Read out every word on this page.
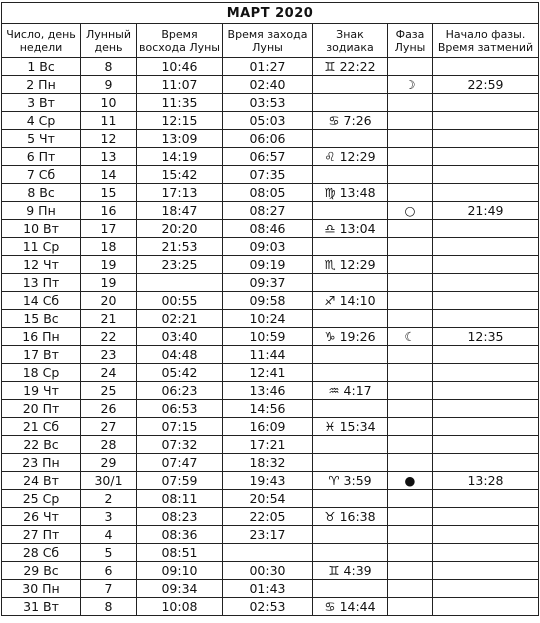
МАРТ 2020						
Число, день недели	Лунный день	Время восхода Луны	Время захода Луны	Знак зодиака	Фаза Луны	Начало фазы. Время затмений
1 Вс	8	10:46	01:27	♊ 22:22		
2 Пн	9	11:07	02:40		☽	22:59
3 Вт	10	11:35	03:53			
4 Ср	11	12:15	05:03	♋ 7:26		
5 Чт	12	13:09	06:06			
6 Пт	13	14:19	06:57	♌ 12:29		
7 Сб	14	15:42	07:35			
8 Вс	15	17:13	08:05	♍ 13:48		
9 Пн	16	18:47	08:27		○	21:49
10 Вт	17	20:20	08:46	♎ 13:04		
11 Ср	18	21:53	09:03			
12 Чт	19	23:25	09:19	♏ 12:29		
13 Пт	19		09:37			
14 Сб	20	00:55	09:58	♐ 14:10		
15 Вс	21	02:21	10:24			
16 Пн	22	03:40	10:59	♑ 19:26	☾	12:35
17 Вт	23	04:48	11:44			
18 Ср	24	05:42	12:41			
19 Чт	25	06:23	13:46	♒ 4:17		
20 Пт	26	06:53	14:56			
21 Сб	27	07:15	16:09	♓ 15:34		
22 Вс	28	07:32	17:21			
23 Пн	29	07:47	18:32			
24 Вт	30/1	07:59	19:43	♈ 3:59	●	13:28
25 Ср	2	08:11	20:54			
26 Чт	3	08:23	22:05	♉ 16:38		
27 Пт	4	08:36	23:17			
28 Сб	5	08:51				
29 Вс	6	09:10	00:30	♊ 4:39		
30 Пн	7	09:34	01:43			
31 Вт	8	10:08	02:53	♋ 14:44		
